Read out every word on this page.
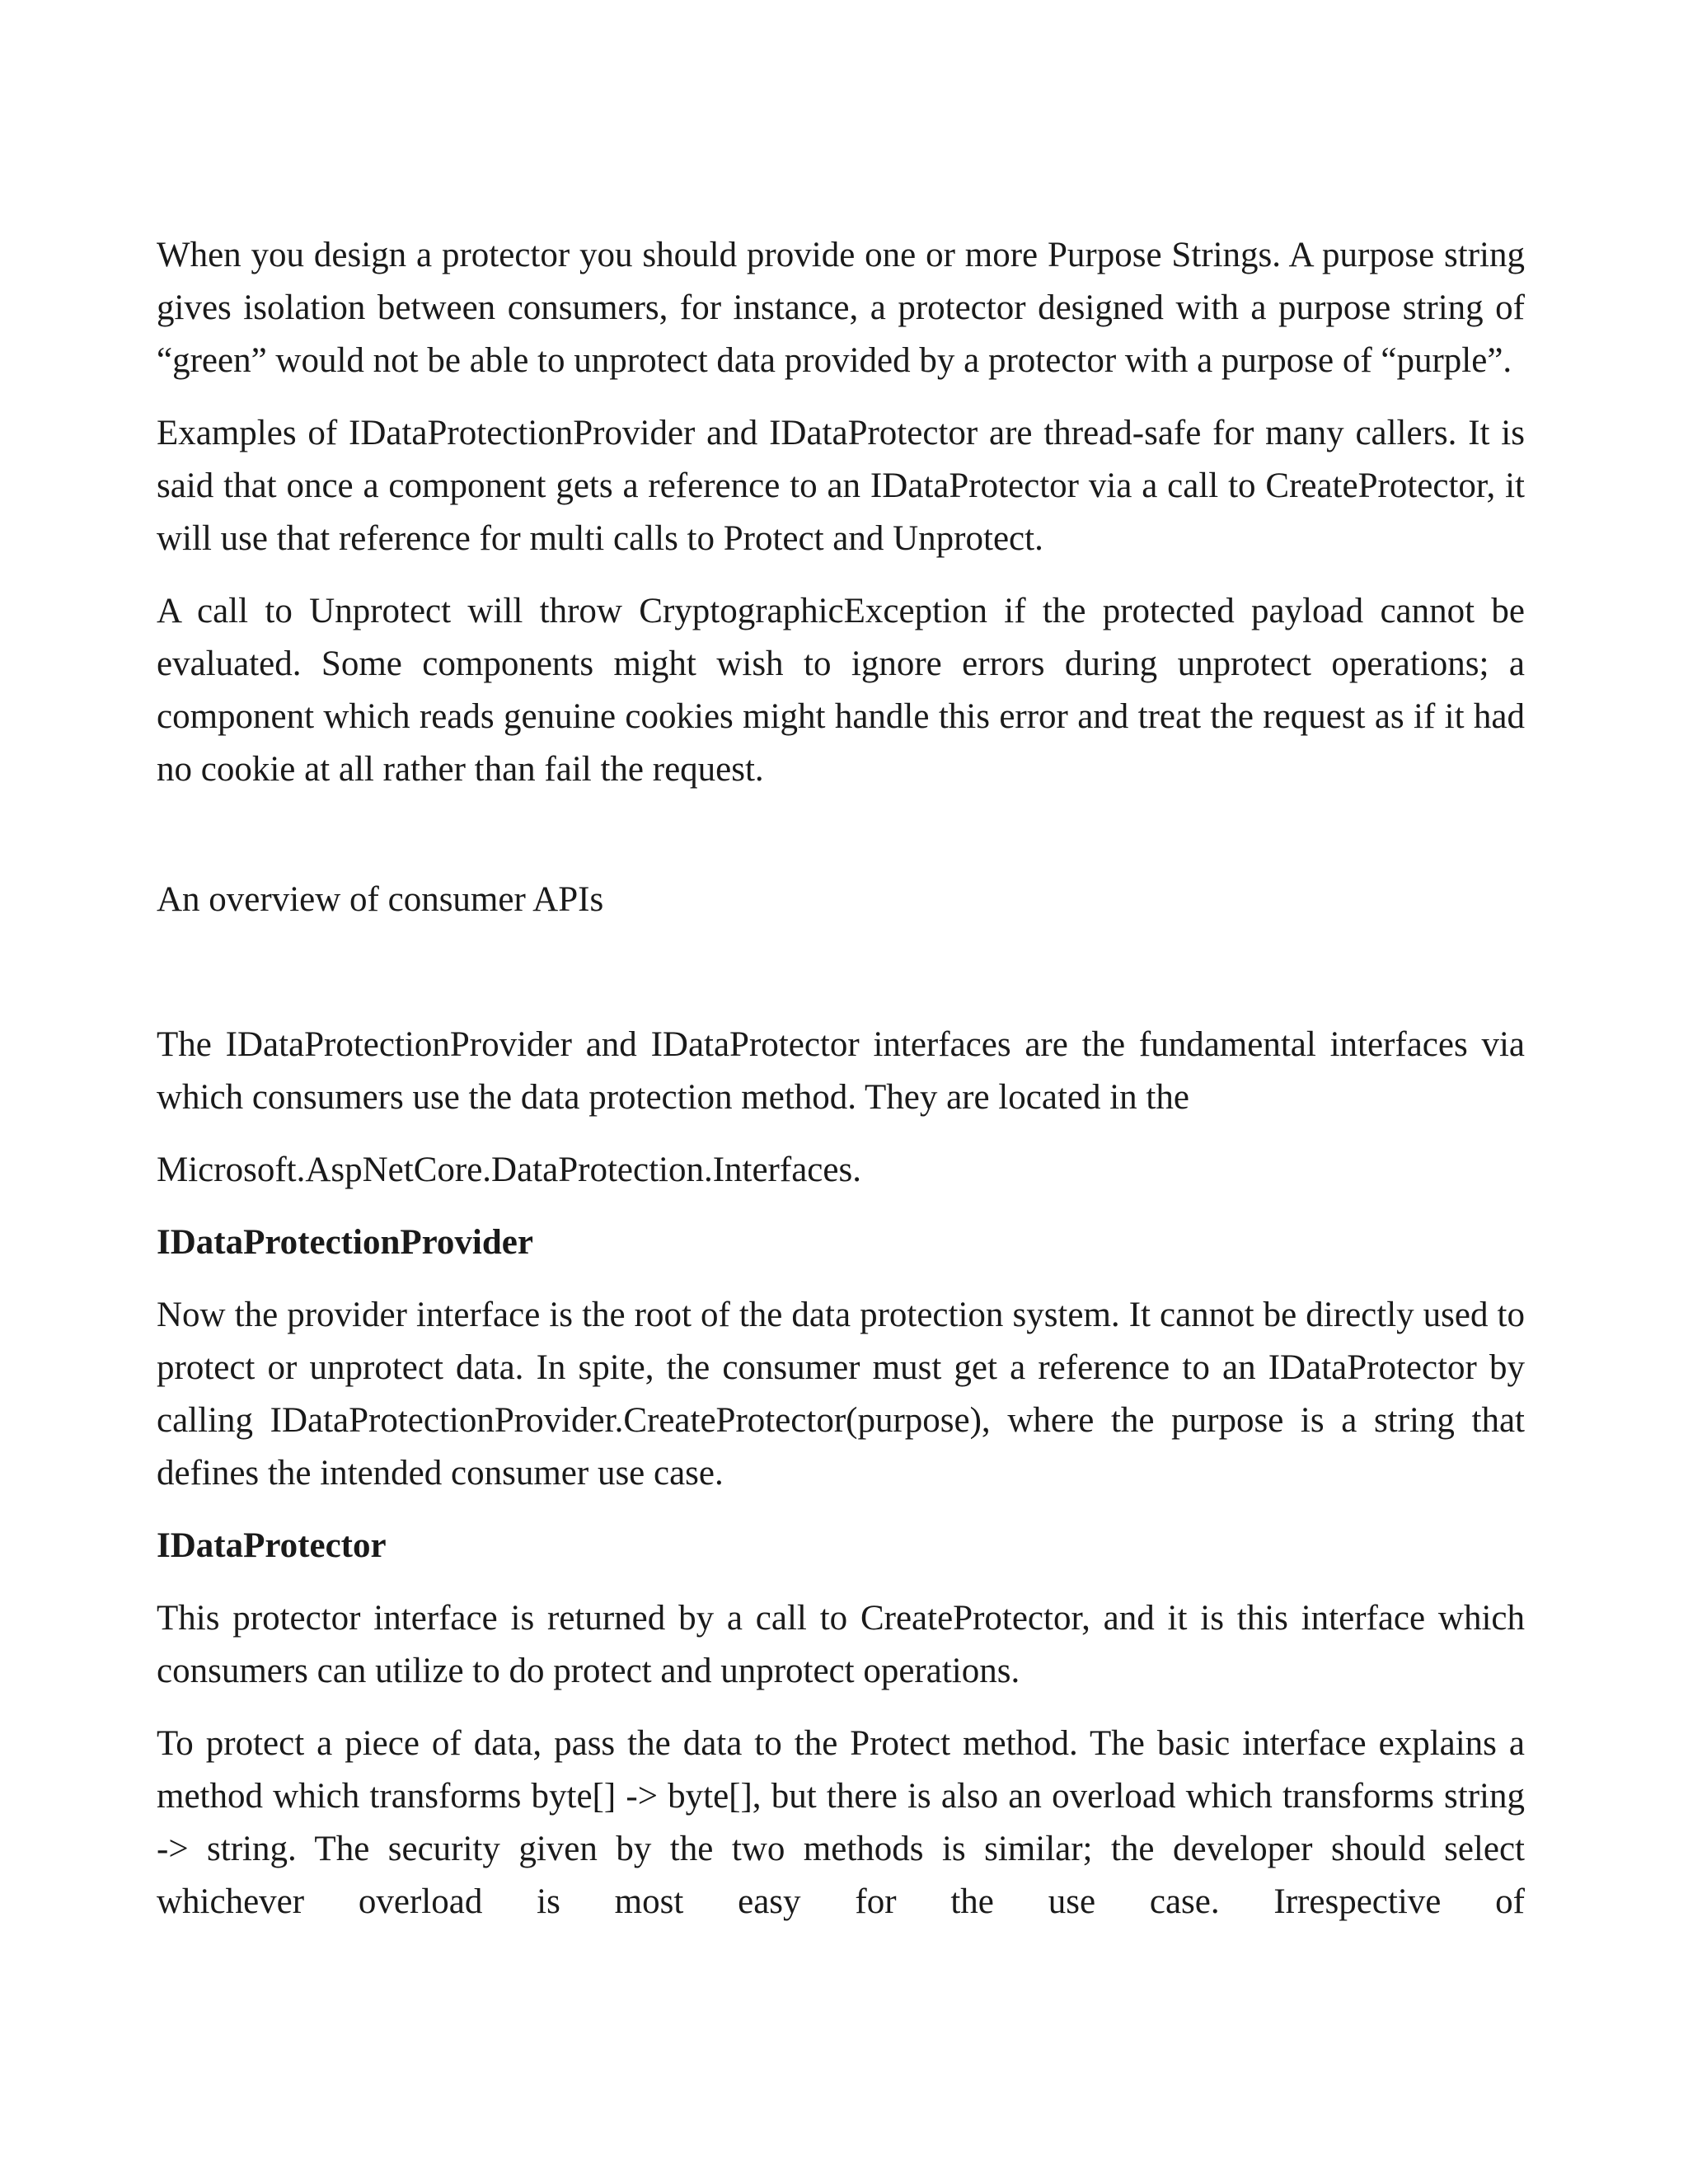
When you design a protector you should provide one or more Purpose Strings. A purpose string gives isolation between consumers, for instance, a protector designed with a purpose string of “green” would not be able to unprotect data provided by a protector with a purpose of “purple”.

Examples of IDataProtectionProvider and IDataProtector are thread-safe for many callers. It is said that once a component gets a reference to an IDataProtector via a call to CreateProtector, it will use that reference for multi calls to Protect and Unprotect.

A call to Unprotect will throw CryptographicException if the protected payload cannot be evaluated. Some components might wish to ignore errors during unprotect operations; a component which reads genuine cookies might handle this error and treat the request as if it had no cookie at all rather than fail the request.

An overview of consumer APIs

The IDataProtectionProvider and IDataProtector interfaces are the fundamental interfaces via which consumers use the data protection method. They are located in the

Microsoft.AspNetCore.DataProtection.Interfaces.

IDataProtectionProvider

Now the provider interface is the root of the data protection system. It cannot be directly used to protect or unprotect data. In spite, the consumer must get a reference to an IDataProtector by calling IDataProtectionProvider.CreateProtector(purpose), where the purpose is a string that defines the intended consumer use case.

IDataProtector

This protector interface is returned by a call to CreateProtector, and it is this interface which consumers can utilize to do protect and unprotect operations.

To protect a piece of data, pass the data to the Protect method. The basic interface explains a method which transforms byte[] -> byte[], but there is also an overload which transforms string -> string. The security given by the two methods is similar; the developer should select whichever overload is most easy for the use case. Irrespective of
